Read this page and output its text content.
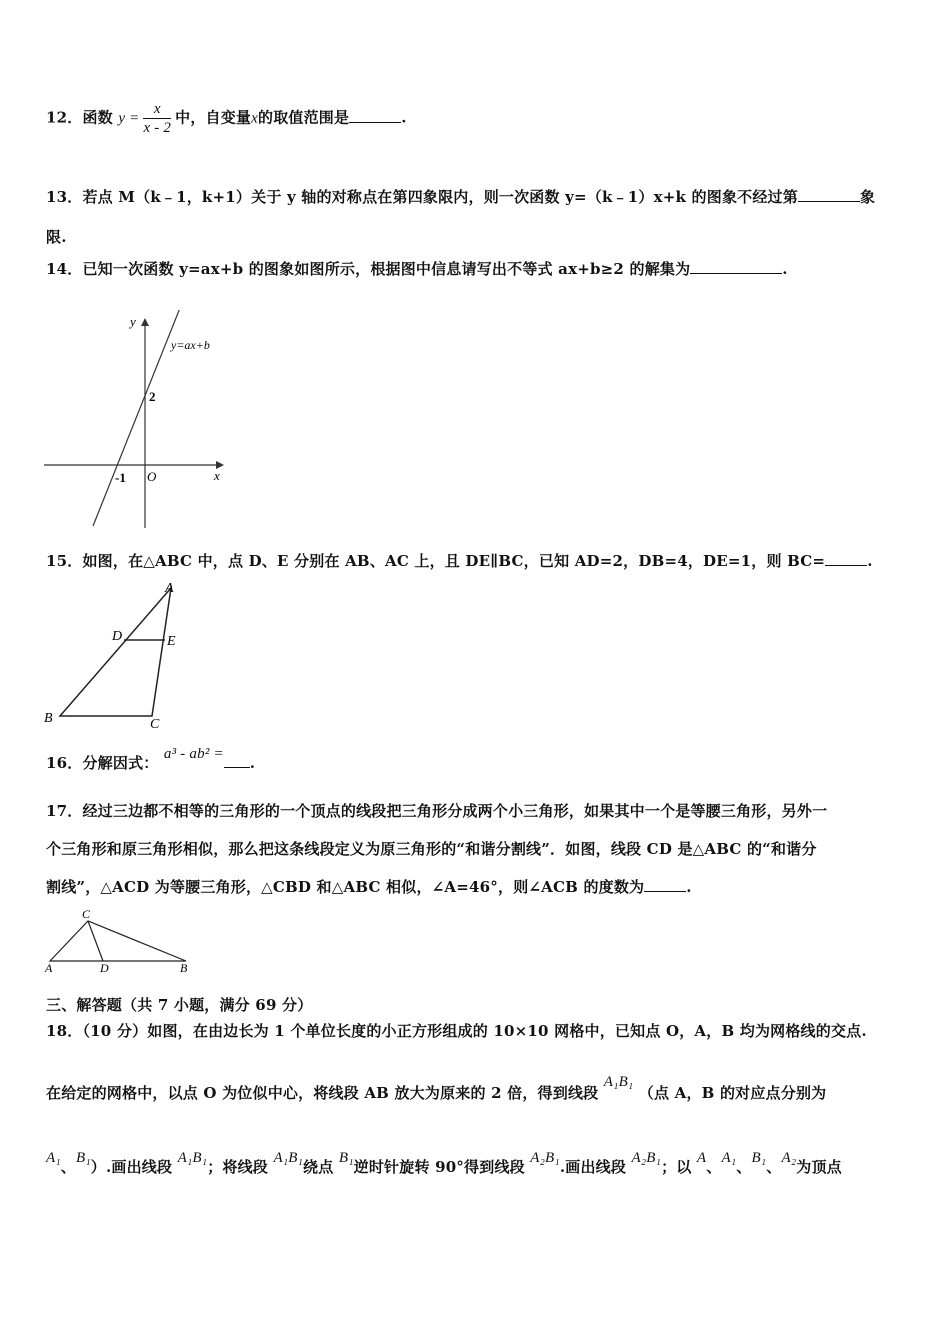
12．函数 $y = \frac{x}{x - 2}$ 中，自变量x的取值范围是	.
13．若点 M（k﹣1，k+1）关于 y 轴的对称点在第四象限内，则一次函数 y=（k﹣1）x+k 的图象不经过第	象
限.
14．已知一次函数 y=ax+b 的图象如图所示，根据图中信息请写出不等式 ax+b≥2 的解集为	.
y
x
y=ax+b
2
-1 O
15．如图，在△ABC 中，点 D、E 分别在 AB、AC 上，且 DE∥BC，已知 AD=2，DB=4，DE=1，则 BC=	.
A
B	C
D	E
16．分解因式： a³ - ab² = .
17．经过三边都不相等的三角形的一个顶点的线段把三角形分成两个小三角形，如果其中一个是等腰三角形，另外一
个三角形和原三角形相似，那么把这条线段定义为原三角形的“和谐分割线”．如图，线段 CD 是△ABC 的“和谐分
割线”，△ACD 为等腰三角形，△CBD 和△ABC 相似，∠A=46°，则∠ACB 的度数为	.
C
A	D	B
三、解答题（共 7 小题，满分 69 分）
18．（10 分）如图，在由边长为 1 个单位长度的小正方形组成的 10×10 网格中，已知点 O，A，B 均为网格线的交点.
在给定的网格中，以点 O 为位似中心，将线段 AB 放大为原来的 2 倍，得到线段 A₁B₁ （点 A，B 的对应点分别为
A₁、B₁）.画出线段 A₁B₁；将线段 A₁B₁绕点 B₁逆时针旋转 90°得到线段 A₂B₁.画出线段 A₂B₁；以 A、A₁、B₁、A₂为顶点
